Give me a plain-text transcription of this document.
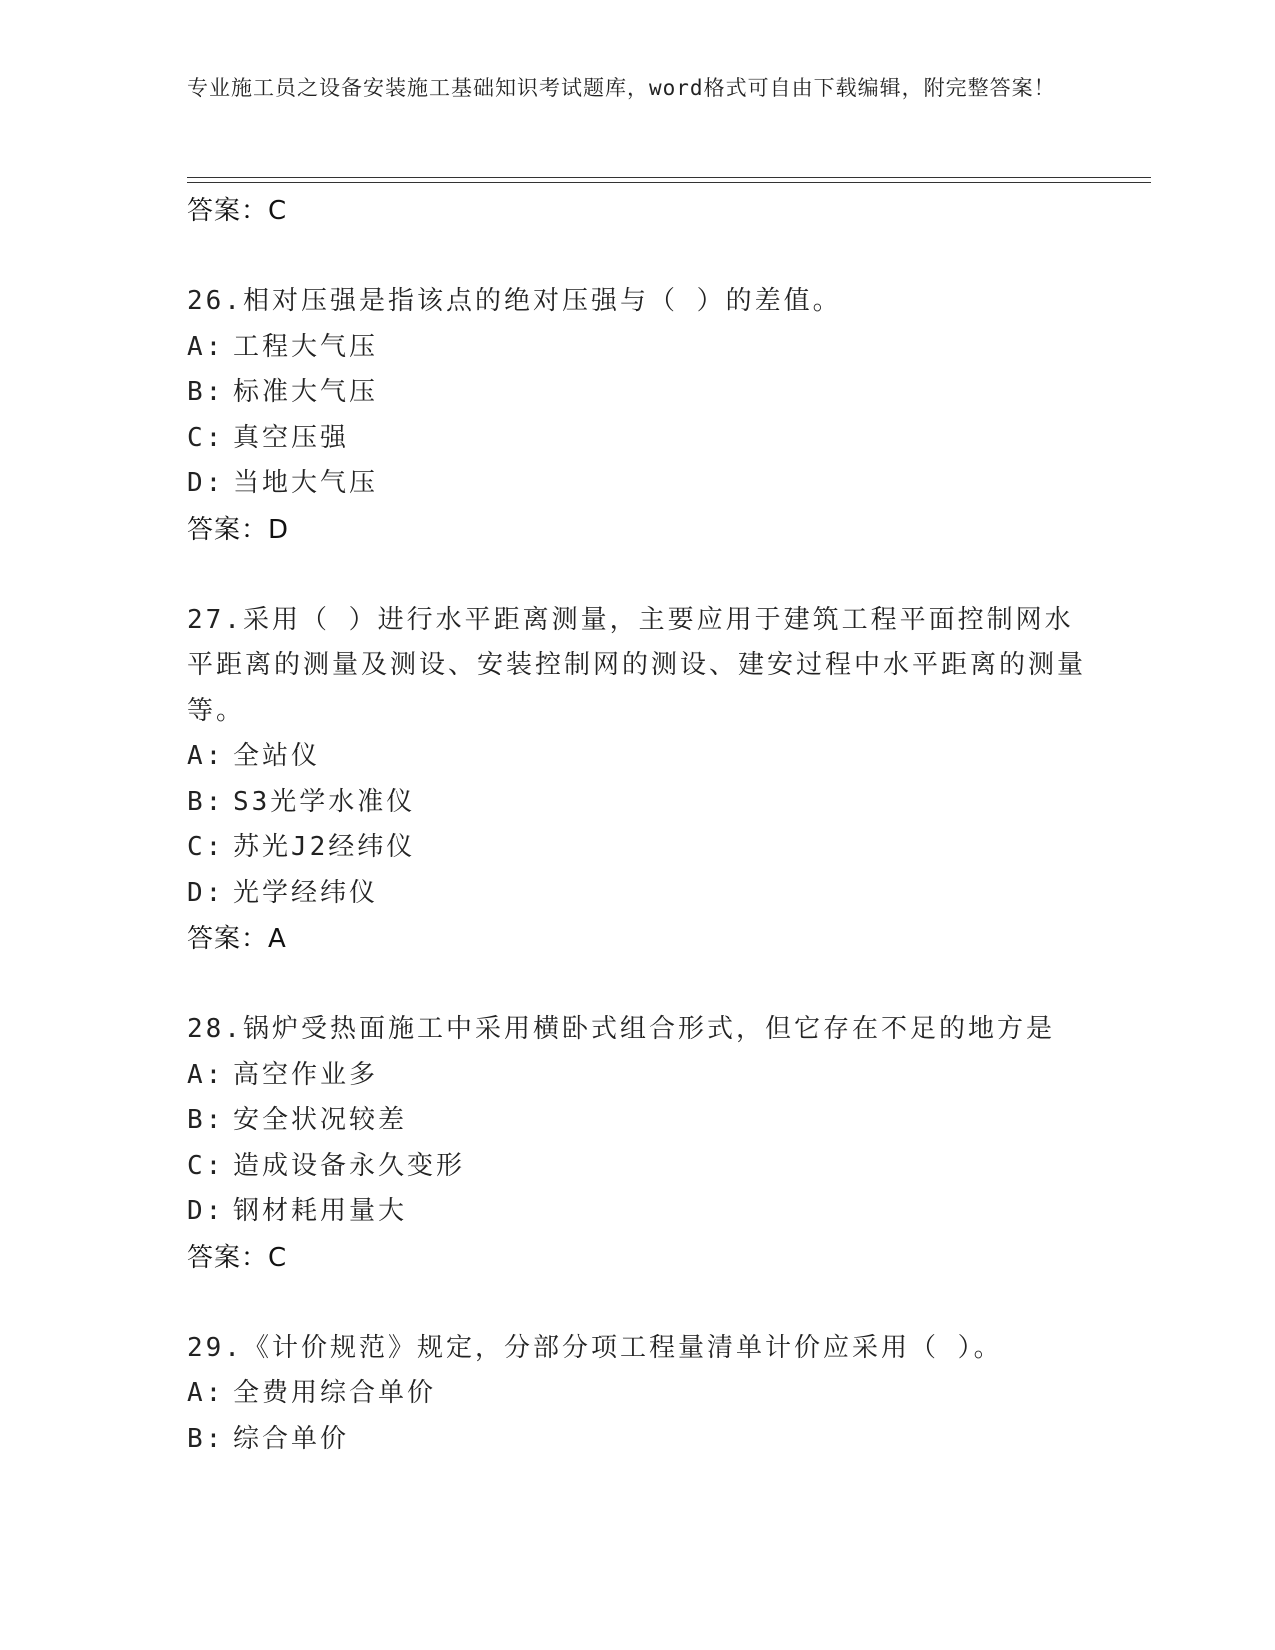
专业施工员之设备安装施工基础知识考试题库，word格式可自由下载编辑，附完整答案！
答案：C
26.相对压强是指该点的绝对压强与（ ）的差值。
A: 工程大气压
B: 标准大气压
C: 真空压强
D: 当地大气压
答案：D
27.采用（ ）进行水平距离测量，主要应用于建筑工程平面控制网水平距离的测量及测设、安装控制网的测设、建安过程中水平距离的测量等。
A: 全站仪
B: S3光学水准仪
C: 苏光J2经纬仪
D: 光学经纬仪
答案：A
28.锅炉受热面施工中采用横卧式组合形式，但它存在不足的地方是
A: 高空作业多
B: 安全状况较差
C: 造成设备永久变形
D: 钢材耗用量大
答案：C
29.《计价规范》规定，分部分项工程量清单计价应采用（ ）。
A: 全费用综合单价
B: 综合单价
